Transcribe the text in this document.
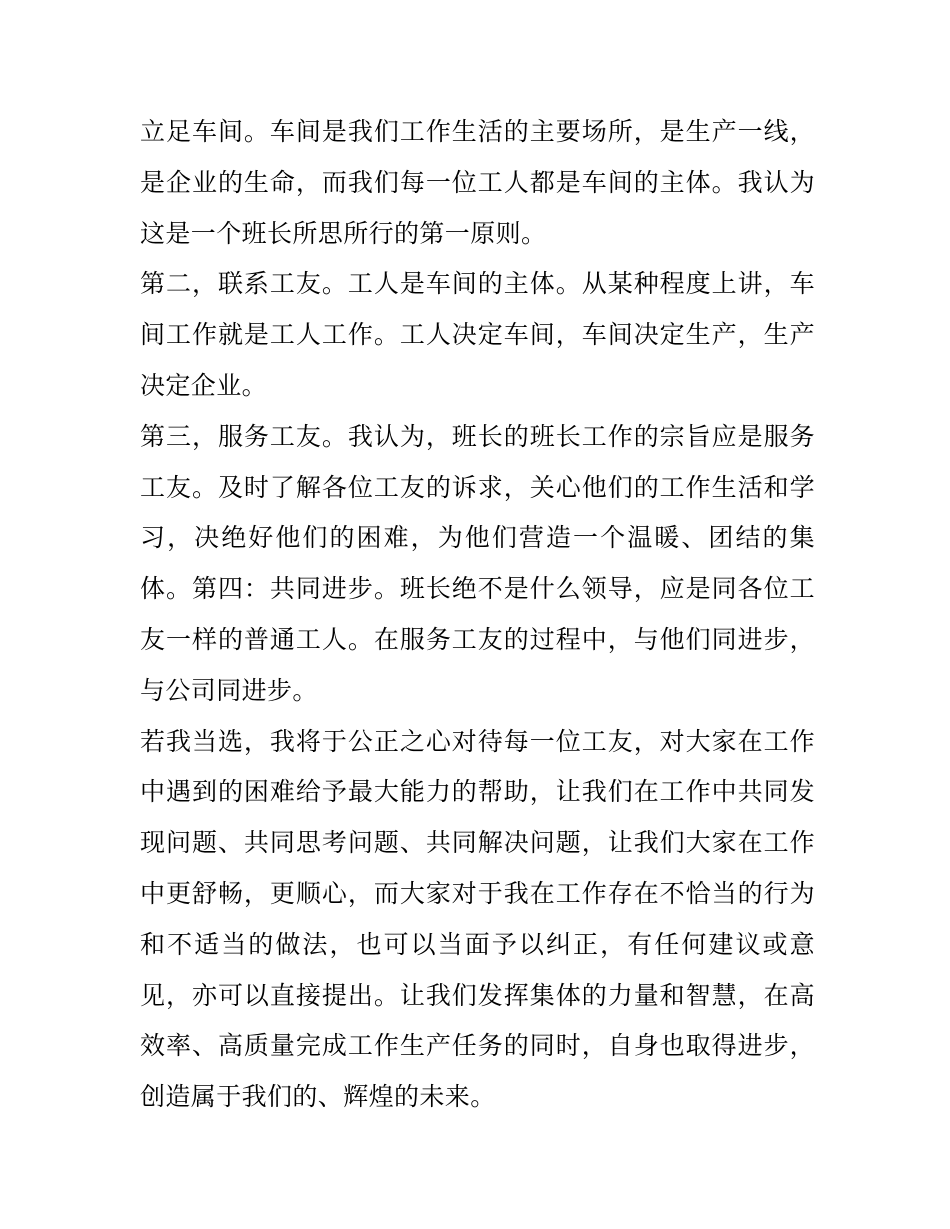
立足车间。车间是我们工作生活的主要场所，是生产一线，是企业的生命，而我们每一位工人都是车间的主体。我认为这是一个班长所思所行的第一原则。

第二，联系工友。工人是车间的主体。从某种程度上讲，车间工作就是工人工作。工人决定车间，车间决定生产，生产决定企业。

第三，服务工友。我认为，班长的班长工作的宗旨应是服务工友。及时了解各位工友的诉求，关心他们的工作生活和学习，决绝好他们的困难，为他们营造一个温暖、团结的集体。第四：共同进步。班长绝不是什么领导，应是同各位工友一样的普通工人。在服务工友的过程中，与他们同进步，与公司同进步。

若我当选，我将于公正之心对待每一位工友，对大家在工作中遇到的困难给予最大能力的帮助，让我们在工作中共同发现问题、共同思考问题、共同解决问题，让我们大家在工作中更舒畅，更顺心，而大家对于我在工作存在不恰当的行为和不适当的做法，也可以当面予以纠正，有任何建议或意见，亦可以直接提出。让我们发挥集体的力量和智慧，在高效率、高质量完成工作生产任务的同时，自身也取得进步，创造属于我们的、辉煌的未来。
